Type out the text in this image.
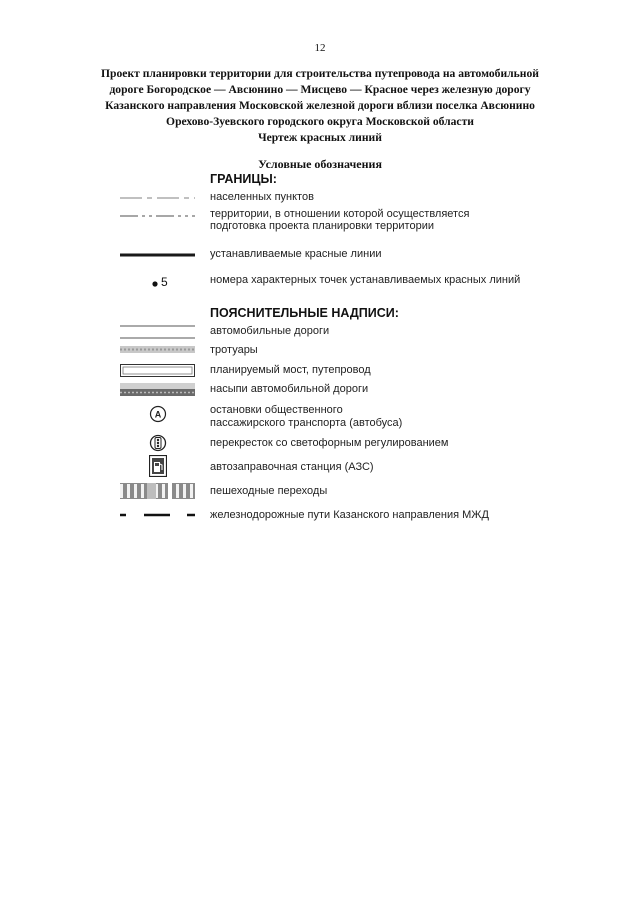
12
Проект планировки территории для строительства путепровода на автомобильной
дороге Богородское — Авсюнино — Мисцево — Красное через железную дорогу
Казанского направления Московской железной дороги вблизи поселка Авсюнино
Орехово-Зуевского городского округа Московской области
Чертеж красных линий
Условные обозначения
ГРАНИЦЫ:
населенных пунктов
территории, в отношении которой осуществляется
подготовка проекта планировки территории
устанавливаемые красные линии
5	номера характерных точек устанавливаемых красных линий
ПОЯСНИТЕЛЬНЫЕ НАДПИСИ:
автомобильные дороги
тротуары
планируемый мост, путепровод
насыпи автомобильной дороги
A	остановки общественного
пассажирского транспорта (автобуса)
перекресток со светофорным регулированием
автозаправочная станция (АЗС)
пешеходные переходы
железнодорожные пути Казанского направления МЖД
